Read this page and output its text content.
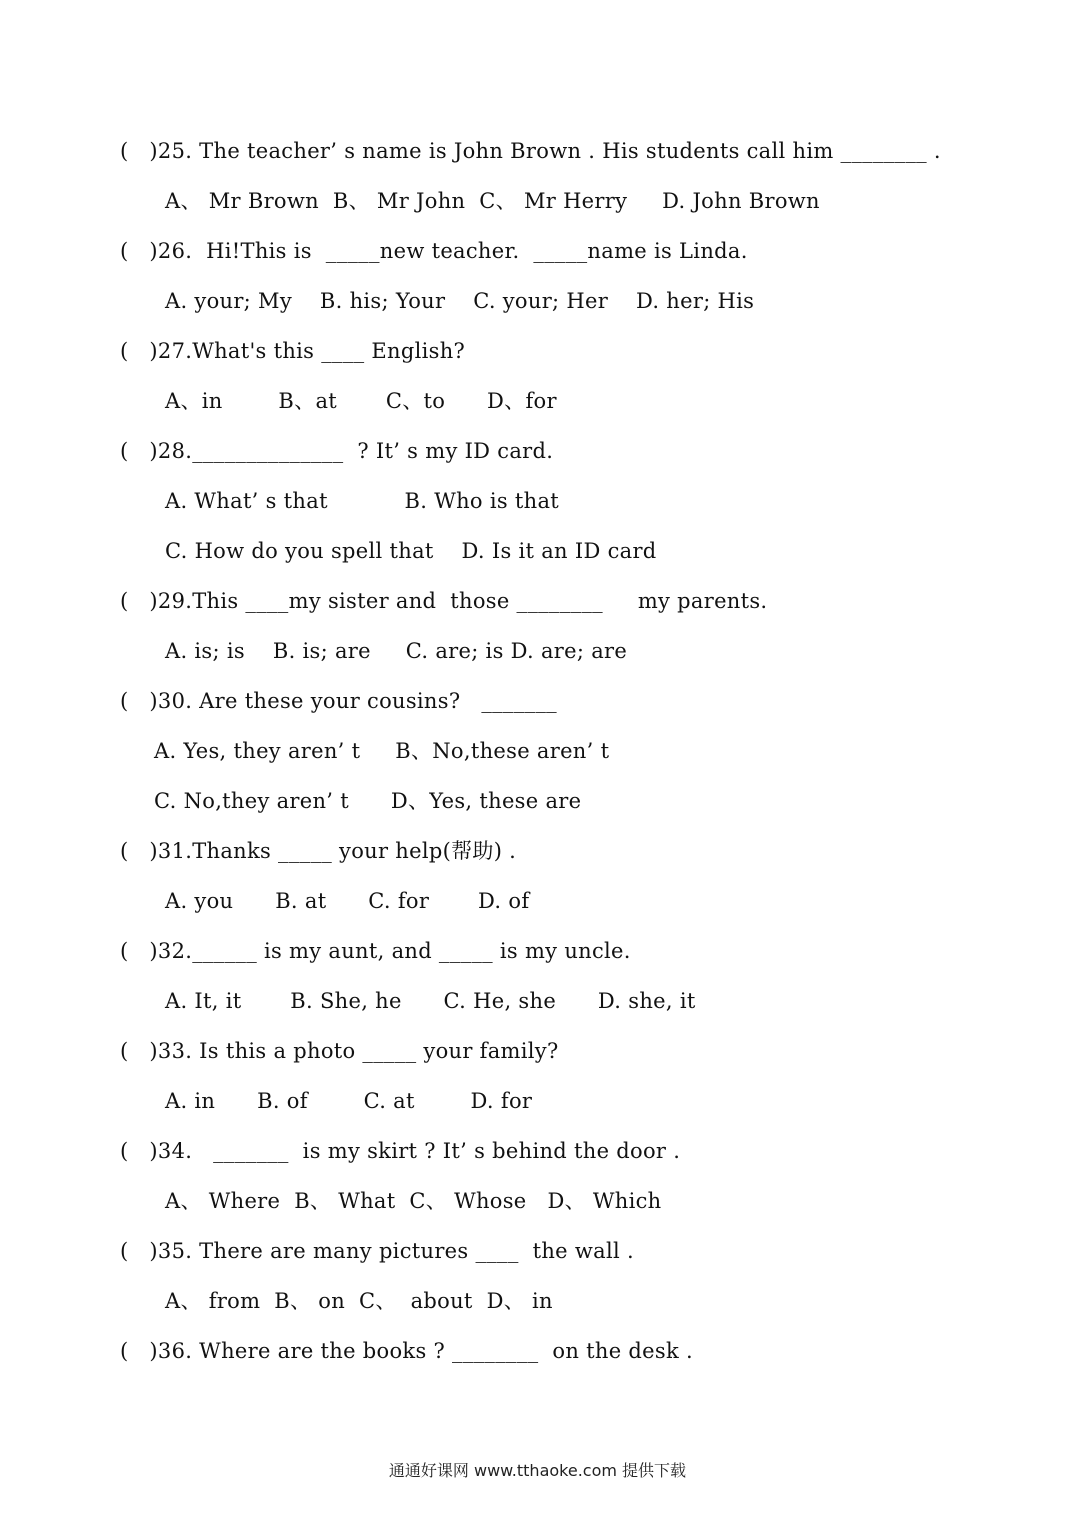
(   )25. The teacher’ s name is John Brown . His students call him ________ .
A、 Mr Brown  B、 Mr John  C、 Mr Herry     D. John Brown
(   )26.  Hi!This is  _____new teacher.  _____name is Linda.
A. your; My    B. his; Your    C. your; Her    D. her; His
(   )27.What's this ____ English?
A、in        B、at       C、to      D、for
(   )28.______________  ? It’ s my ID card.
A. What’ s that           B. Who is that
C. How do you spell that    D. Is it an ID card
(   )29.This ____my sister and  those ________     my parents.
A. is; is    B. is; are     C. are; is D. are; are
(   )30. Are these your cousins?   _______
A. Yes, they aren’ t     B、No,these aren’ t
C. No,they aren’ t      D、Yes, these are
(   )31.Thanks _____ your help(帮助) .
A. you      B. at      C. for       D. of
(   )32.______ is my aunt, and _____ is my uncle.
A. It, it       B. She, he      C. He, she      D. she, it
(   )33. Is this a photo _____ your family?
A. in      B. of        C. at        D. for
(   )34.   _______  is my skirt ? It’ s behind the door .
A、 Where  B、 What  C、 Whose   D、 Which
(   )35. There are many pictures ____  the wall .
A、 from  B、 on  C、  about  D、 in
(   )36. Where are the books ? ________  on the desk .
通通好课网 www.tthaoke.com 提供下载
